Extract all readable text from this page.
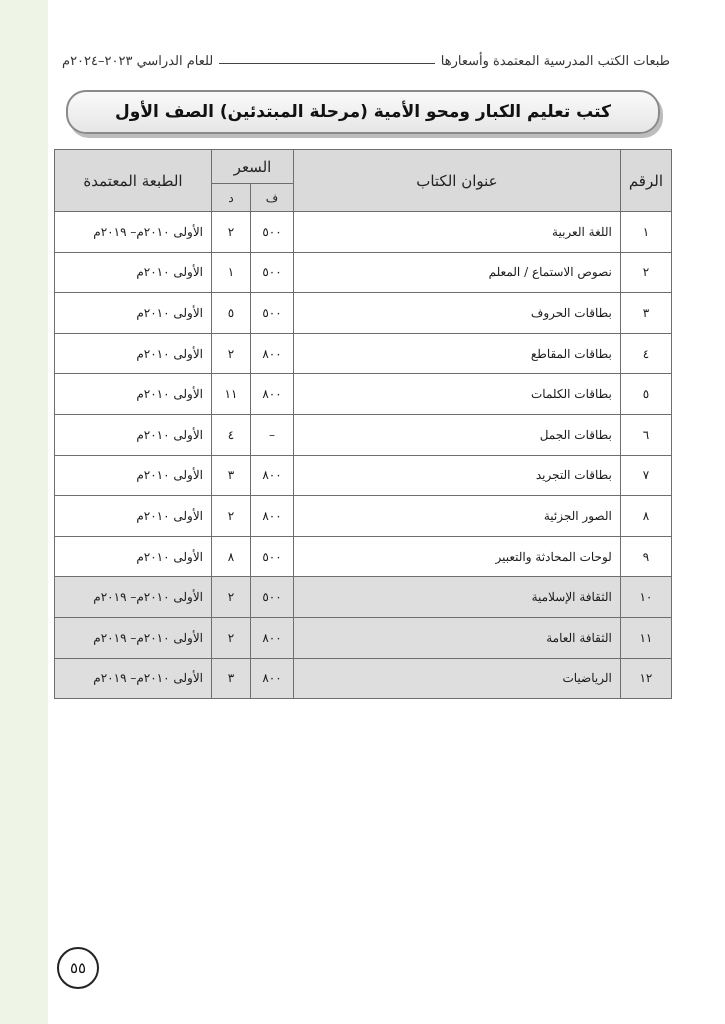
طبعات الكتب المدرسية المعتمدة وأسعارها
للعام الدراسي ٢٠٢٣–٢٠٢٤م
كتب تعليم الكبار ومحو الأمية (مرحلة المبتدئين) الصف الأول
الرقم	عنوان الكتاب	السعر		الطبعة المعتمدة
		ف	د	
١	اللغة العربية	٥٠٠	٢	الأولى ٢٠١٠م– ٢٠١٩م
٢	نصوص الاستماع / المعلم	٥٠٠	١	الأولى ٢٠١٠م
٣	بطاقات الحروف	٥٠٠	٥	الأولى ٢٠١٠م
٤	بطاقات المقاطع	٨٠٠	٢	الأولى ٢٠١٠م
٥	بطاقات الكلمات	٨٠٠	١١	الأولى ٢٠١٠م
٦	بطاقات الجمل	–	٤	الأولى ٢٠١٠م
٧	بطاقات التجريد	٨٠٠	٣	الأولى ٢٠١٠م
٨	الصور الجزئية	٨٠٠	٢	الأولى ٢٠١٠م
٩	لوحات المحادثة والتعبير	٥٠٠	٨	الأولى ٢٠١٠م
١٠	الثقافة الإسلامية	٥٠٠	٢	الأولى ٢٠١٠م– ٢٠١٩م
١١	الثقافة العامة	٨٠٠	٢	الأولى ٢٠١٠م– ٢٠١٩م
١٢	الرياضيات	٨٠٠	٣	الأولى ٢٠١٠م– ٢٠١٩م
٥٥
